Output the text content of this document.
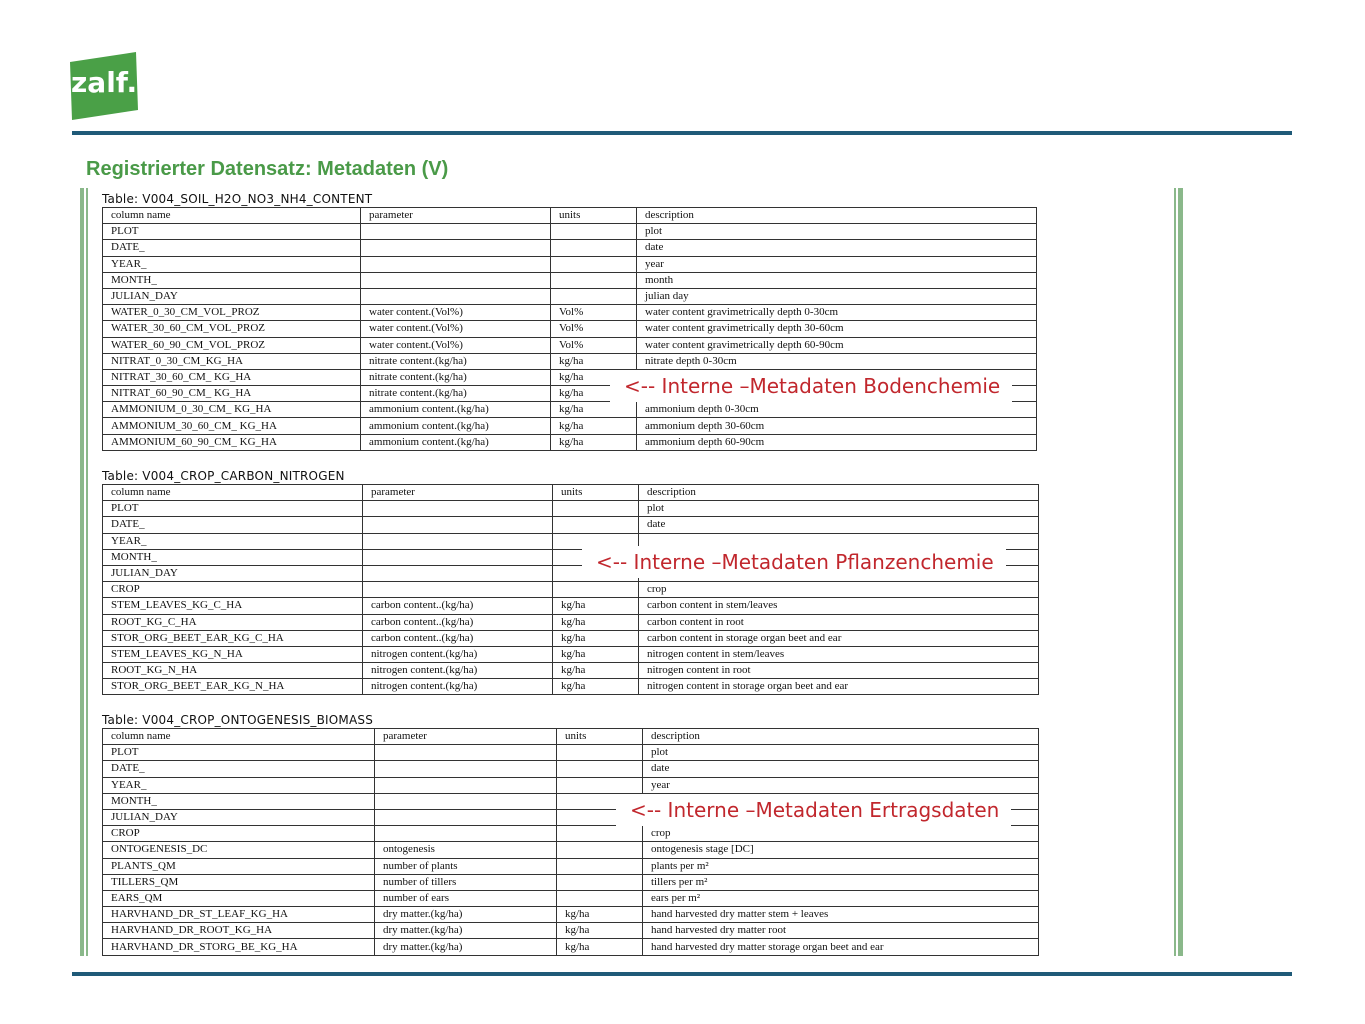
zalf.
Registrierter Datensatz: Metadaten (V)
Table: V004_SOIL_H2O_NO3_NH4_CONTENT
column name	parameter	units	description
PLOT			plot
DATE_			date
YEAR_			year
MONTH_			month
JULIAN_DAY			julian day
WATER_0_30_CM_VOL_PROZ	water content.(Vol%)	Vol%	water content gravimetrically depth 0-30cm
WATER_30_60_CM_VOL_PROZ	water content.(Vol%)	Vol%	water content gravimetrically depth 30-60cm
WATER_60_90_CM_VOL_PROZ	water content.(Vol%)	Vol%	water content gravimetrically depth 60-90cm
NITRAT_0_30_CM_KG_HA	nitrate content.(kg/ha)	kg/ha	nitrate depth 0-30cm
NITRAT_30_60_CM_ KG_HA	nitrate content.(kg/ha)	kg/ha	
NITRAT_60_90_CM_ KG_HA	nitrate content.(kg/ha)	kg/ha	
AMMONIUM_0_30_CM_ KG_HA	ammonium content.(kg/ha)	kg/ha	ammonium depth 0-30cm
AMMONIUM_30_60_CM_ KG_HA	ammonium content.(kg/ha)	kg/ha	ammonium depth 30-60cm
AMMONIUM_60_90_CM_ KG_HA	ammonium content.(kg/ha)	kg/ha	ammonium depth 60-90cm
Table: V004_CROP_CARBON_NITROGEN
column name	parameter	units	description
PLOT			plot
DATE_			date
YEAR_			
MONTH_			
JULIAN_DAY			
CROP			crop
STEM_LEAVES_KG_C_HA	carbon content..(kg/ha)	kg/ha	carbon content in stem/leaves
ROOT_KG_C_HA	carbon content..(kg/ha)	kg/ha	carbon content in root
STOR_ORG_BEET_EAR_KG_C_HA	carbon content..(kg/ha)	kg/ha	carbon content in storage organ beet and ear
STEM_LEAVES_KG_N_HA	nitrogen content.(kg/ha)	kg/ha	nitrogen content in stem/leaves
ROOT_KG_N_HA	nitrogen content.(kg/ha)	kg/ha	nitrogen content in root
STOR_ORG_BEET_EAR_KG_N_HA	nitrogen content.(kg/ha)	kg/ha	nitrogen content in storage organ beet and ear
Table: V004_CROP_ONTOGENESIS_BIOMASS
column name	parameter	units	description
PLOT			plot
DATE_			date
YEAR_			year
MONTH_			
JULIAN_DAY			
CROP			crop
ONTOGENESIS_DC	ontogenesis		ontogenesis stage [DC]
PLANTS_QM	number of plants		plants per m²
TILLERS_QM	number of tillers		tillers per m²
EARS_QM	number of ears		ears per m²
HARVHAND_DR_ST_LEAF_KG_HA	dry matter.(kg/ha)	kg/ha	hand harvested dry matter stem + leaves
HARVHAND_DR_ROOT_KG_HA	dry matter.(kg/ha)	kg/ha	hand harvested dry matter root
HARVHAND_DR_STORG_BE_KG_HA	dry matter.(kg/ha)	kg/ha	hand harvested dry matter storage organ beet and ear
<-- Interne –Metadaten Bodenchemie
<-- Interne –Metadaten Pflanzenchemie
<-- Interne –Metadaten Ertragsdaten
